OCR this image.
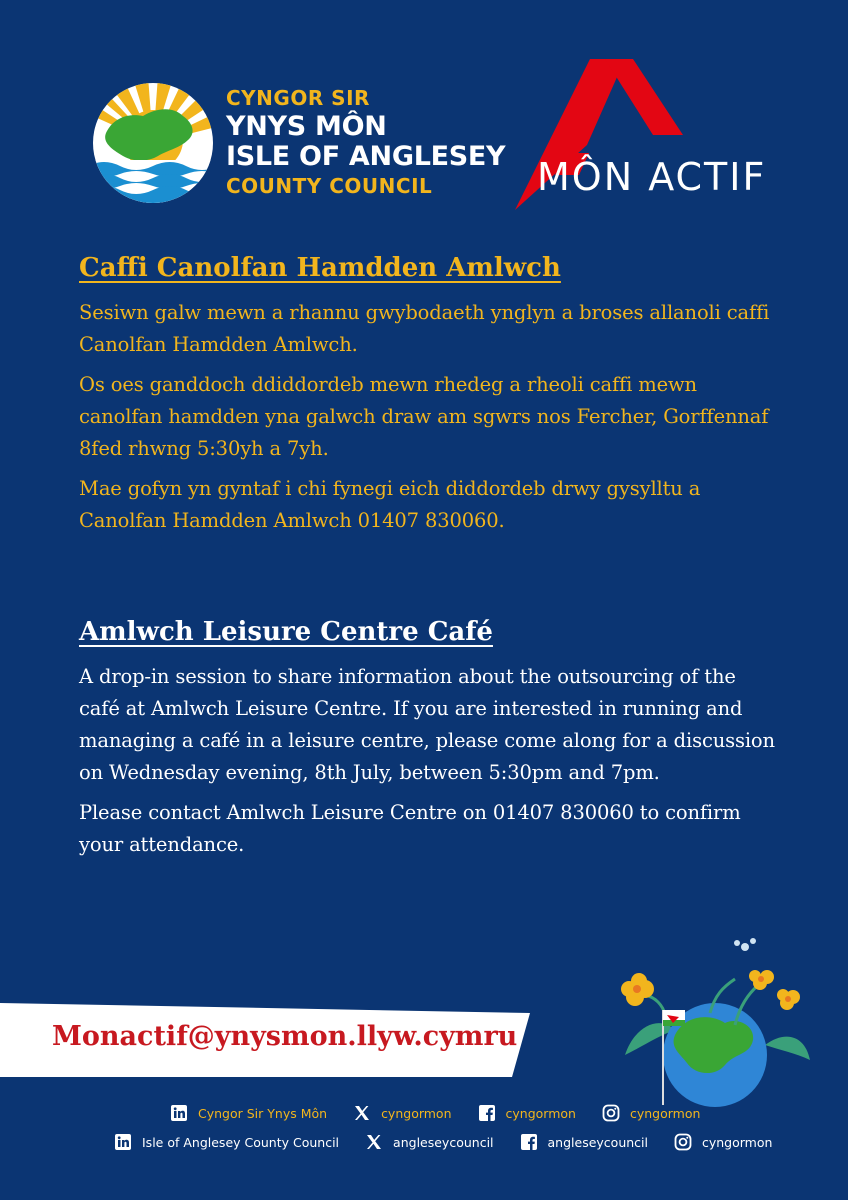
CYNGOR SIR
YNYS MÔN
ISLE OF ANGLESEY
COUNTY COUNCIL	MÔN ACTIF
Caffi Canolfan Hamdden Amlwch

Sesiwn galw mewn a rhannu gwybodaeth ynglyn a broses allanoli caffi Canolfan Hamdden Amlwch.

Os oes ganddoch ddiddordeb mewn rhedeg a rheoli caffi mewn canolfan hamdden yna galwch draw am sgwrs nos Fercher, Gorffennaf 8fed rhwng 5:30yh a 7yh.

Mae gofyn yn gyntaf i chi fynegi eich diddordeb drwy gysylltu a Canolfan Hamdden Amlwch 01407 830060.

Amlwch Leisure Centre Café

A drop-in session to share information about the outsourcing of the café at Amlwch Leisure Centre. If you are interested in running and managing a café in a leisure centre, please come along for a discussion on Wednesday evening, 8th July, between 5:30pm and 7pm.

Please contact Amlwch Leisure Centre on 01407 830060 to confirm your attendance.

Monactif@ynysmon.llyw.cymru
Cyngor Sir Ynys Môn	cyngormon	cyngormon	cyngormon
Isle of Anglesey County Council	angleseycouncil	angleseycouncil	cyngormon
